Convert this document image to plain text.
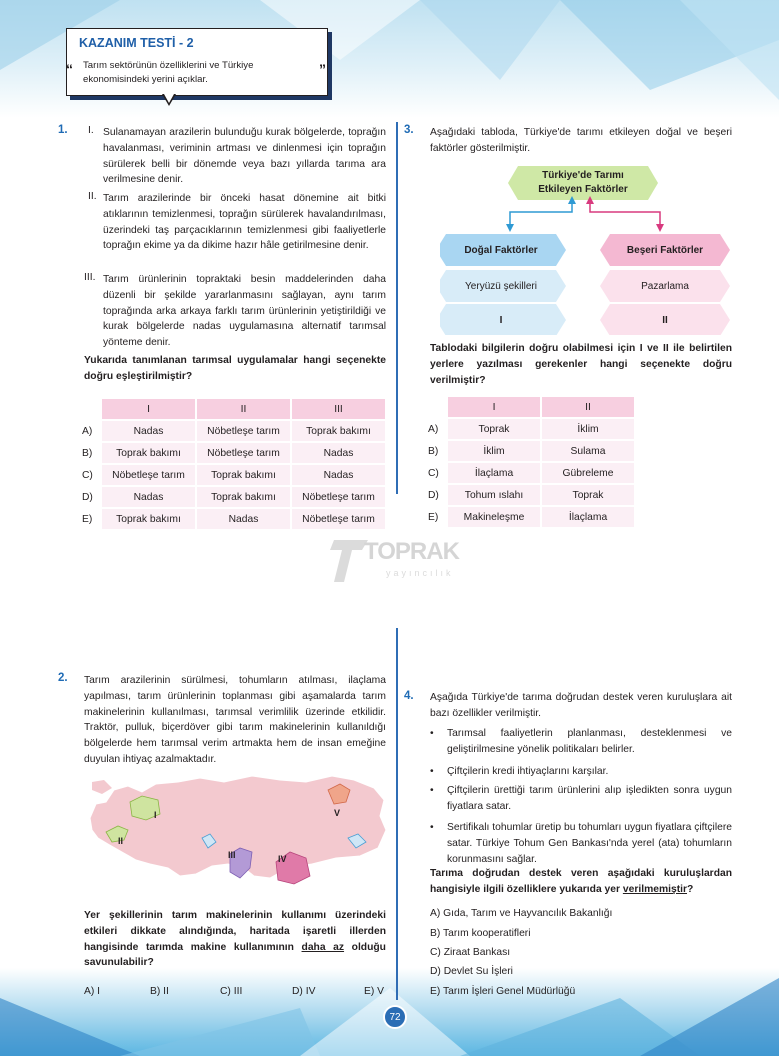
KAZANIM TESTİ - 2
“ Tarım sektörünün özelliklerini ve Türkiye ekonomisindeki yerini açıklar.
”
1. I. Sulanamayan arazilerin bulunduğu kurak bölgelerde, toprağın havalanması, veriminin artması ve dinlenmesi için toprağın sürülerek belli bir dönemde veya bazı yıllarda tarıma ara verilmesine denir.
II. Tarım arazilerinde bir önceki hasat dönemine ait bitki atıklarının temizlenmesi, toprağın sürülerek havalandırılması, üzerindeki taş parçacıklarının temizlenmesi gibi faaliyetlerle toprağın ekime ya da dikime hazır hâle getirilmesine denir.
III. Tarım ürünlerinin topraktaki besin maddelerinden daha düzenli bir şekilde yararlanmasını sağlayan, aynı tarım toprağında arka arkaya farklı tarım ürünlerinin yetiştirildiği ve kurak bölgelerde nadas uygulamasına alternatif tarımsal yönteme denir.
Yukarıda tanımlanan tarımsal uygulamalar hangi seçenekte doğru eşleştirilmiştir?
	I	II	III
A)	Nadas	Nöbetleşe tarım	Toprak bakımı
B)	Toprak bakımı	Nöbetleşe tarım	Nadas
C)	Nöbetleşe tarım	Toprak bakımı	Nadas
D)	Nadas	Toprak bakımı	Nöbetleşe tarım
E)	Toprak bakımı	Nadas	Nöbetleşe tarım
3. Aşağıdaki tabloda, Türkiye'de tarımı etkileyen doğal ve beşeri faktörler gösterilmiştir.
Türkiye'de Tarımı
Etkileyen Faktörler
Doğal Faktörler
Yeryüzü şekilleri
I
Beşeri Faktörler
Pazarlama
II
Tablodaki bilgilerin doğru olabilmesi için I ve II ile belirtilen yerlere yazılması gerekenler hangi seçenekte doğru verilmiştir?
	I	II
A)	Toprak	İklim
B)	İklim	Sulama
C)	İlaçlama	Gübreleme
D)	Tohum ıslahı	Toprak
E)	Makineleşme	İlaçlama
TOPRAK
yayıncılık
2. Tarım arazilerinin sürülmesi, tohumların atılması, ilaçlama yapılması, tarım ürünlerinin toplanması gibi aşamalarda tarım makinelerinin kullanılması, tarımsal verimlilik üzerinde etkilidir. Traktör, pulluk, biçerdöver gibi tarım makinelerinin kullanıldığı bölgelerde hem tarımsal verim artmakta hem de insan emeğine duyulan ihtiyaç azalmaktadır.
I
II
III	IV
V
Yer şekillerinin tarım makinelerinin kullanımı üzerindeki etkileri dikkate alındığında, haritada işaretli illerden hangisinde tarımda makine kullanımının daha az olduğu savunulabilir?
A) I	B) II	C) III	D) IV	E) V
4. Aşağıda Türkiye'de tarıma doğrudan destek veren kuruluşlara ait bazı özellikler verilmiştir.
• Tarımsal faaliyetlerin planlanması, desteklenmesi ve geliştirilmesine yönelik politikaları belirler.
• Çiftçilerin kredi ihtiyaçlarını karşılar.
• Çiftçilerin ürettiği tarım ürünlerini alıp işledikten sonra uygun fiyatlara satar.
• Sertifikalı tohumlar üretip bu tohumları uygun fiyatlara çiftçilere satar. Türkiye Tohum Gen Bankası'nda yerel (ata) tohumların korunmasını sağlar.
Tarıma doğrudan destek veren aşağıdaki kuruluşlardan hangisiyle ilgili özelliklere yukarıda yer verilmemiştir?
A) Gıda, Tarım ve Hayvancılık Bakanlığı
B) Tarım kooperatifleri
C) Ziraat Bankası
D) Devlet Su İşleri
E) Tarım İşleri Genel Müdürlüğü
72
